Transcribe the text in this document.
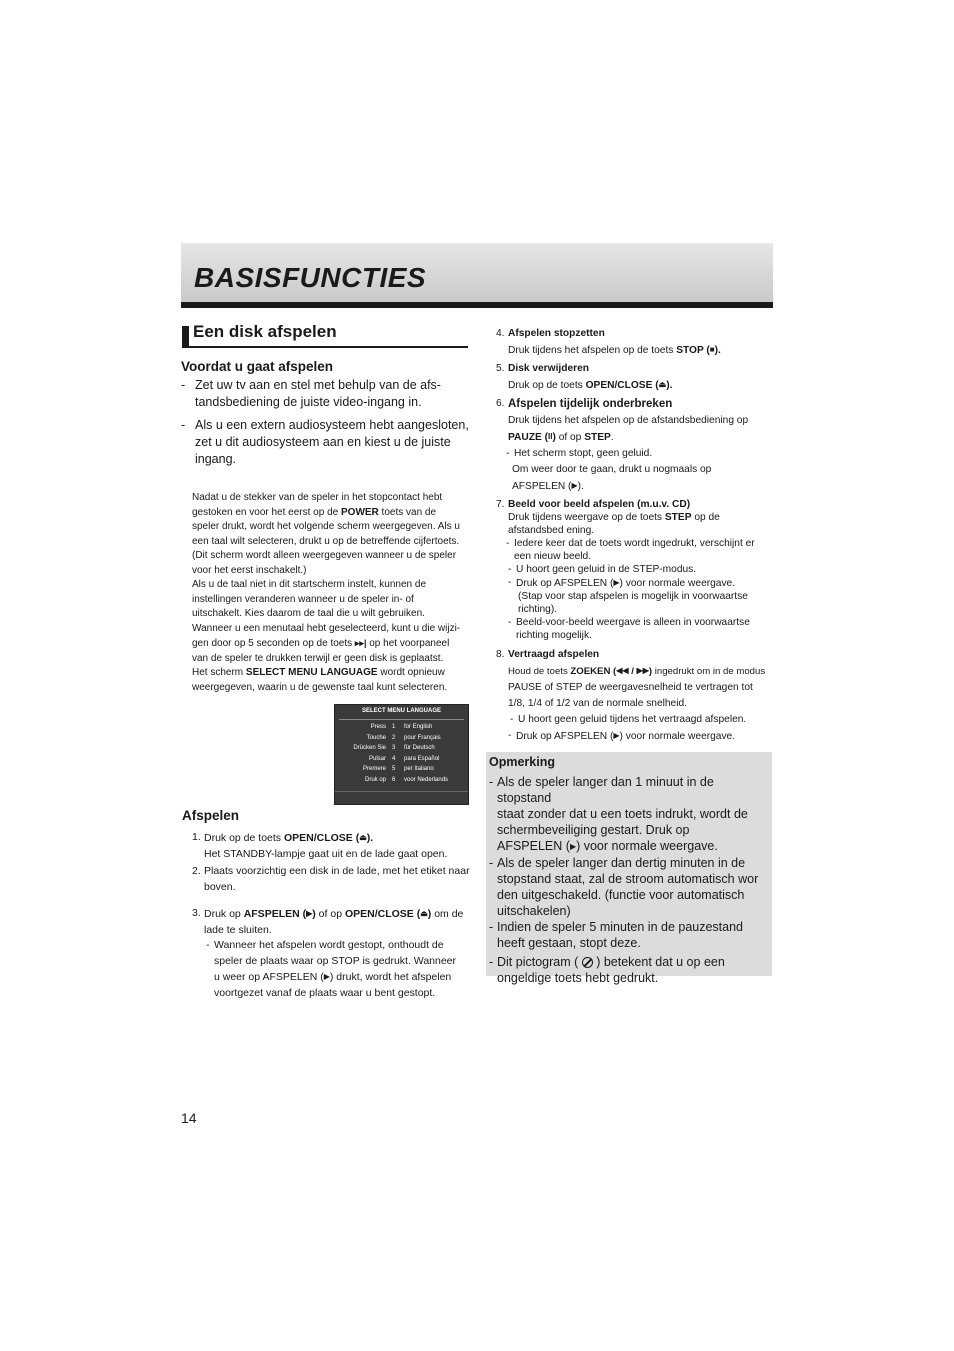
BASISFUNCTIES
Een disk afspelen
Voordat u gaat afspelen
- Zet uw tv aan en stel met behulp van de afs-
tandsbediening de juiste video-ingang in.
- Als u een extern audiosysteem hebt aangesloten,
zet u dit audiosysteem aan en kiest u de juiste
ingang.
Nadat u de stekker van de speler in het stopcontact hebt
gestoken en voor het eerst op de POWER toets van de
speler drukt, wordt het volgende scherm weergegeven. Als u
een taal wilt selecteren, drukt u op de betreffende cijfertoets.
(Dit scherm wordt alleen weergegeven wanneer u de speler
voor het eerst inschakelt.)
Als u de taal niet in dit startscherm instelt, kunnen de
instellingen veranderen wanneer u de speler in- of
uitschakelt. Kies daarom de taal die u wilt gebruiken.
Wanneer u een menutaal hebt geselecteerd, kunt u die wijzi-
gen door op 5 seconden op de toets ▸▸| op het voorpaneel
van de speler te drukken terwijl er geen disk is geplaatst.
Het scherm SELECT MENU LANGUAGE wordt opnieuw
weergegeven, waarin u de gewenste taal kunt selecteren.
SELECT MENU LANGUAGE
Press 1 for English
Touche 2 pour Français
Drücken Sie 3 für Deutsch
Pulsar 4 para Español
Premere 5 per Italiano
Druk op 6 voor Nederlands
Afspelen
1. Druk op de toets OPEN/CLOSE (⏏).
Het STANDBY-lampje gaat uit en de lade gaat open.
2. Plaats voorzichtig een disk in de lade, met het etiket naar
boven.
3. Druk op AFSPELEN (▶) of op OPEN/CLOSE (⏏) om de
lade te sluiten.
- Wanneer het afspelen wordt gestopt, onthoudt de
speler de plaats waar op STOP is gedrukt. Wanneer
u weer op AFSPELEN (▶) drukt, wordt het afspelen
voortgezet vanaf de plaats waar u bent gestopt.
4. Afspelen stopzetten
Druk tijdens het afspelen op de toets STOP (■).
5. Disk verwijderen
Druk op de toets OPEN/CLOSE (⏏).
6. Afspelen tijdelijk onderbreken
Druk tijdens het afspelen op de afstandsbediening op
PAUZE (II) of op STEP.
- Het scherm stopt, geen geluid.
Om weer door te gaan, drukt u nogmaals op
AFSPELEN (▶).
7. Beeld voor beeld afspelen (m.u.v. CD)
Druk tijdens weergave op de toets STEP op de
afstandsbed ening.
- Iedere keer dat de toets wordt ingedrukt, verschijnt er
een nieuw beeld.
- U hoort geen geluid in de STEP-modus.
- Druk op AFSPELEN (▶) voor normale weergave.
(Stap voor stap afspelen is mogelijk in voorwaartse
richting).
- Beeld-voor-beeld weergave is alleen in voorwaartse
richting mogelijk.
8. Vertraagd afspelen
Houd de toets ZOEKEN (◀◀ / ▶▶) ingedrukt om in de modus
PAUSE of STEP de weergavesnelheid te vertragen tot
1/8, 1/4 of 1/2 van de normale snelheid.
- U hoort geen geluid tijdens het vertraagd afspelen.
- Druk op AFSPELEN (▶) voor normale weergave.
Opmerking
- Als de speler langer dan 1 minuut in de stopstand
staat zonder dat u een toets indrukt, wordt de
schermbeveiliging gestart. Druk op
AFSPELEN (▶) voor normale weergave.
- Als de speler langer dan dertig minuten in de
stopstand staat, zal de stroom automatisch wor
den uitgeschakeld. (functie voor automatisch
uitschakelen)
- Indien de speler 5 minuten in de pauzestand
heeft gestaan, stopt deze.
- Dit pictogram (  ) betekent dat u op een
ongeldige toets hebt gedrukt.
14
